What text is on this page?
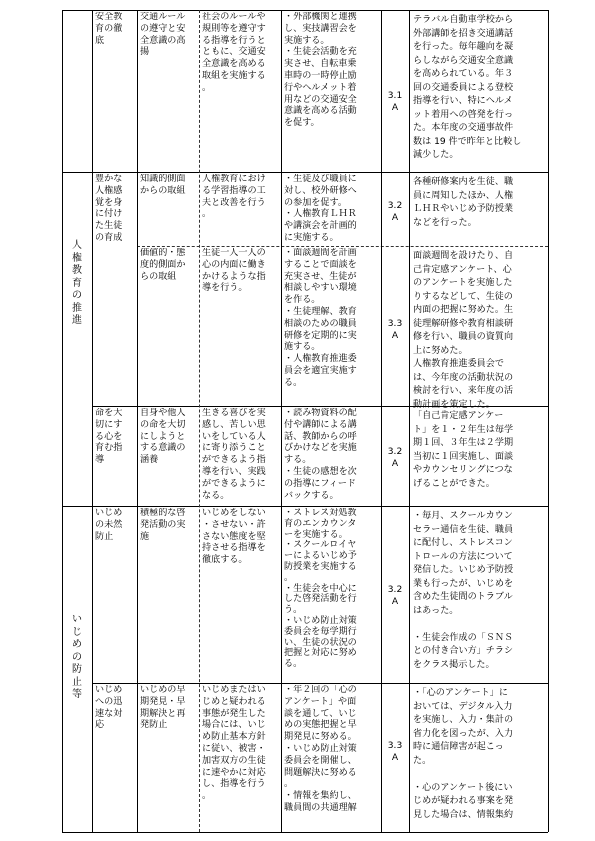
人権教育の推進
いじめの防止等
安全教
育の徹
底
交通ルール
の遵守と安
全意識の高
揚
社会のルールや
規則等を遵守す
る指導を行うと
ともに、交通安
全意識を高める
取組を実施する
。
・外部機関と連携
し、実技講習会を
実施する。
・生徒会活動を充
実させ、自転車乗
車時の一時停止励
行やヘルメット着
用などの交通安全
意識を高める活動
を促す。
3.1
A
テラバル自動車学校から
外部講師を招き交通講話
を行った。毎年趣向を凝
らしながら交通安全意識
を高められている。年３
回の交通委員による登校
指導を行い、特にヘルメ
ット着用への啓発を行っ
た。本年度の交通事故件
数は 19 件で昨年と比較し
減少した。
豊かな
人権感
覚を身
に付け
た生徒
の育成
知識的側面
からの取組
人権教育におけ
る学習指導の工
夫と改善を行う
。
・生徒及び職員に
対し、校外研修へ
の参加を促す。
・人権教育ＬＨＲ
や講演会を計画的
に実施する。
3.2
A
各種研修案内を生徒、職
員に周知したほか、人権
ＬＨＲやいじめ予防授業
などを行った。
価値的・態
度的側面か
らの取組
生徒一人一人の
心の内面に働き
かけるような指
導を行う。
・面談週間を計画
することで面談を
充実させ、生徒が
相談しやすい環境
を作る。
・生徒理解、教育
相談のための職員
研修を定期的に実
施する。
・人権教育推進委
員会を適宜実施す
る。
3.3
A
面談週間を設けたり、自
己肯定感アンケート、心
のアンケートを実施した
りするなどして、生徒の
内面の把握に努めた。生
徒理解研修や教育相談研
修を行い、職員の資質向
上に努めた。
人権教育推進委員会で
は、今年度の活動状況の
検討を行い、来年度の活
動計画を策定した。
命を大
切にす
る心を
育む指
導
自身や他人
の命を大切
にしようと
する意識の
涵養
生きる喜びを実
感し、苦しい思
いをしている人
に寄り添うこと
ができるよう指
導を行い、実践
ができるように
なる。
・読み物資料の配
付や講師による講
話、教師からの呼
びかけなどを実施
する。
・生徒の感想を次
の指導にフィード
バックする。
3.2
A
「自己肯定感アンケー
ト」を１・２年生は毎学
期１回、３年生は２学期
当初に１回実施し、面談
やカウンセリングにつな
げることができた。
いじめ
の未然
防止
積極的な啓
発活動の実
施
いじめをしない
・させない・許
さない態度を堅
持させる指導を
徹底する。
・ストレス対処教
育のエンカウンタ
ーを実施する。
・スクールロイヤ
ーによるいじめ予
防授業を実施する
。
・生徒会を中心に
した啓発活動を行
う。
・いじめ防止対策
委員会を毎学期行
い、生徒の状況の
把握と対応に努め
る。
3.2
A
・毎月、スクールカウン
セラー通信を生徒、職員
に配付し、ストレスコン
トロールの方法について
発信した。いじめ予防授
業も行ったが、いじめを
含めた生徒間のトラブル
はあった。

・生徒会作成の「ＳＮＳ
との付き合い方」チラシ
をクラス掲示した。
いじめ
への迅
速な対
応
いじめの早
期発見・早
期解決と再
発防止
いじめまたはい
じめと疑われる
事態が発生した
場合には、いじ
め防止基本方針
に従い、被害・
加害双方の生徒
に速やかに対応
し、指導を行う
。
・年２回の「心の
アンケート」や面
談を通して、いじ
めの実態把握と早
期発見に努める。
・いじめ防止対策
委員会を開催し、
問題解決に努める
。
・情報を集約し、
職員間の共通理解
3.3
A
・「心のアンケート」に
おいては、デジタル入力
を実施し、入力・集計の
省力化を図ったが、入力
時に通信障害が起こっ
た。

・心のアンケート後にい
じめが疑われる事案を発
見した場合は、情報集約
